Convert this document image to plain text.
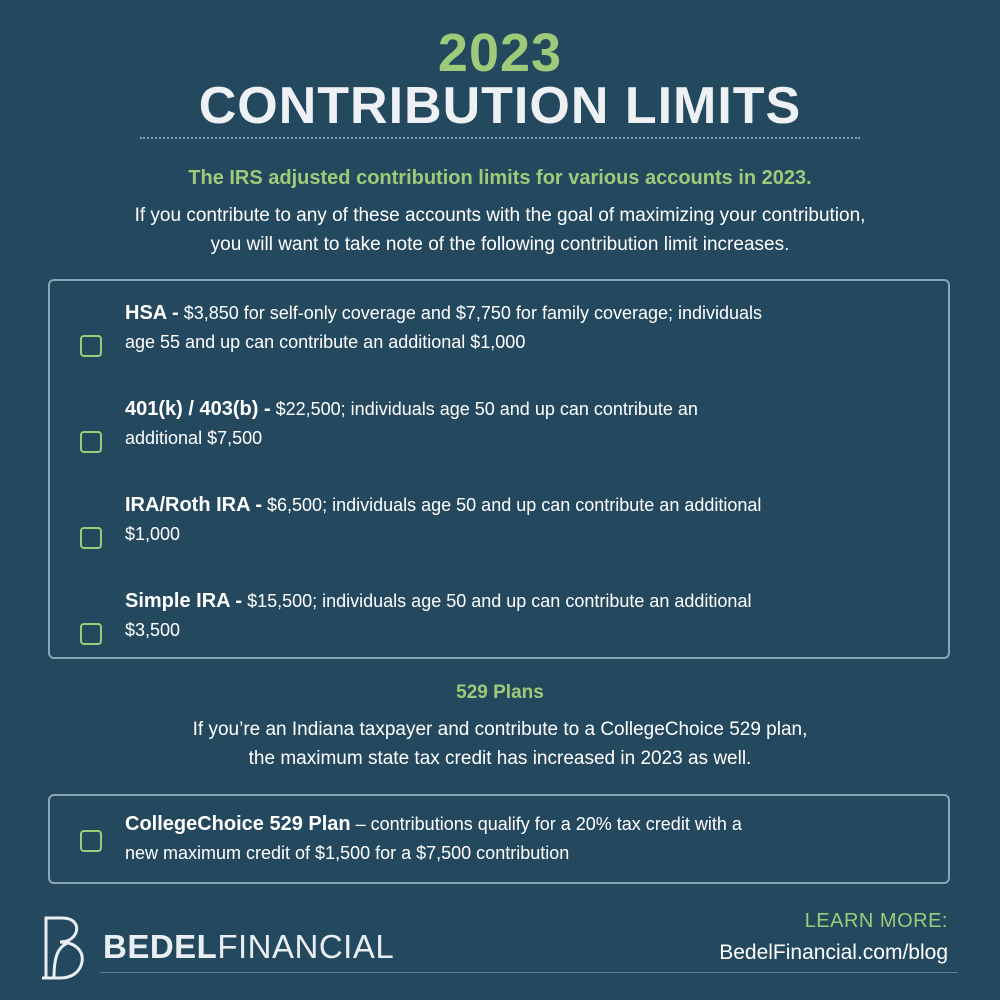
2023
CONTRIBUTION LIMITS
The IRS adjusted contribution limits for various accounts in 2023.
If you contribute to any of these accounts with the goal of maximizing your contribution,
you will want to take note of the following contribution limit increases.
HSA - $3,850 for self-only coverage and $7,750 for family coverage; individuals
age 55 and up can contribute an additional $1,000
401(k) / 403(b) - $22,500; individuals age 50 and up can contribute an
additional $7,500
IRA/Roth IRA - $6,500; individuals age 50 and up can contribute an additional
$1,000
Simple IRA - $15,500; individuals age 50 and up can contribute an additional
$3,500
529 Plans
If you’re an Indiana taxpayer and contribute to a CollegeChoice 529 plan,
the maximum state tax credit has increased in 2023 as well.
CollegeChoice 529 Plan – contributions qualify for a 20% tax credit with a
new maximum credit of $1,500 for a $7,500 contribution
BEDELFINANCIAL
LEARN MORE:
BedelFinancial.com/blog
